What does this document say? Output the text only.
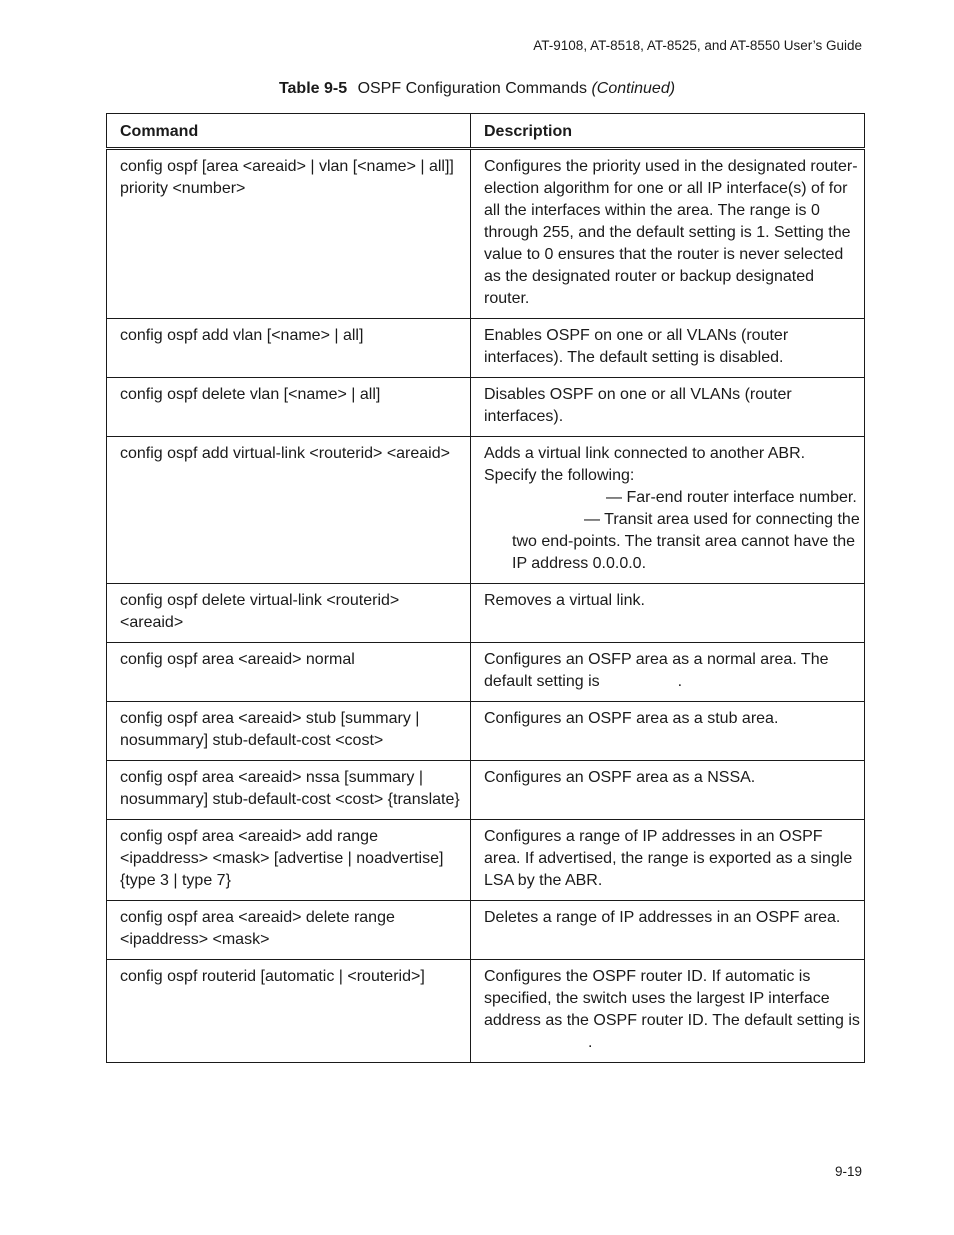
AT-9108, AT-8518, AT-8525, and AT-8550 User’s Guide
Table 9-5 OSPF Configuration Commands (Continued)
Command	Description
config ospf [area <areaid> | vlan [<name> | all]] priority <number>	Configures the priority used in the designated router-election algorithm for one or all IP interface(s) of for all the interfaces within the area. The range is 0 through 255, and the default setting is 1. Setting the value to 0 ensures that the router is never selected as the designated router or backup designated router.
config ospf add vlan [<name> | all]	Enables OSPF on one or all VLANs (router interfaces). The default setting is disabled.
config ospf delete vlan [<name> | all]	Disables OSPF on one or all VLANs (router interfaces).
config ospf add virtual-link <routerid> <areaid>	Adds a virtual link connected to another ABR. Specify the following:
— Far-end router interface number.
— Transit area used for connecting the two end-points. The transit area cannot have the IP address 0.0.0.0.

config ospf delete virtual-link <routerid> <areaid>	Removes a virtual link.
config ospf area <areaid> normal	Configures an OSFP area as a normal area. The default setting is .
config ospf area <areaid> stub [summary | nosummary] stub-default-cost <cost>	Configures an OSPF area as a stub area.
config ospf area <areaid> nssa [summary | nosummary] stub-default-cost <cost> {translate}	Configures an OSPF area as a NSSA.
config ospf area <areaid> add range <ipaddress> <mask> [advertise | noadvertise] {type 3 | type 7}	Configures a range of IP addresses in an OSPF area. If advertised, the range is exported as a single LSA by the ABR.
config ospf area <areaid> delete range <ipaddress> <mask>	Deletes a range of IP addresses in an OSPF area.
config ospf routerid [automatic | <routerid>]	Configures the OSPF router ID. If automatic is specified, the switch uses the largest IP interface address as the OSPF router ID. The default setting is.
9-19
